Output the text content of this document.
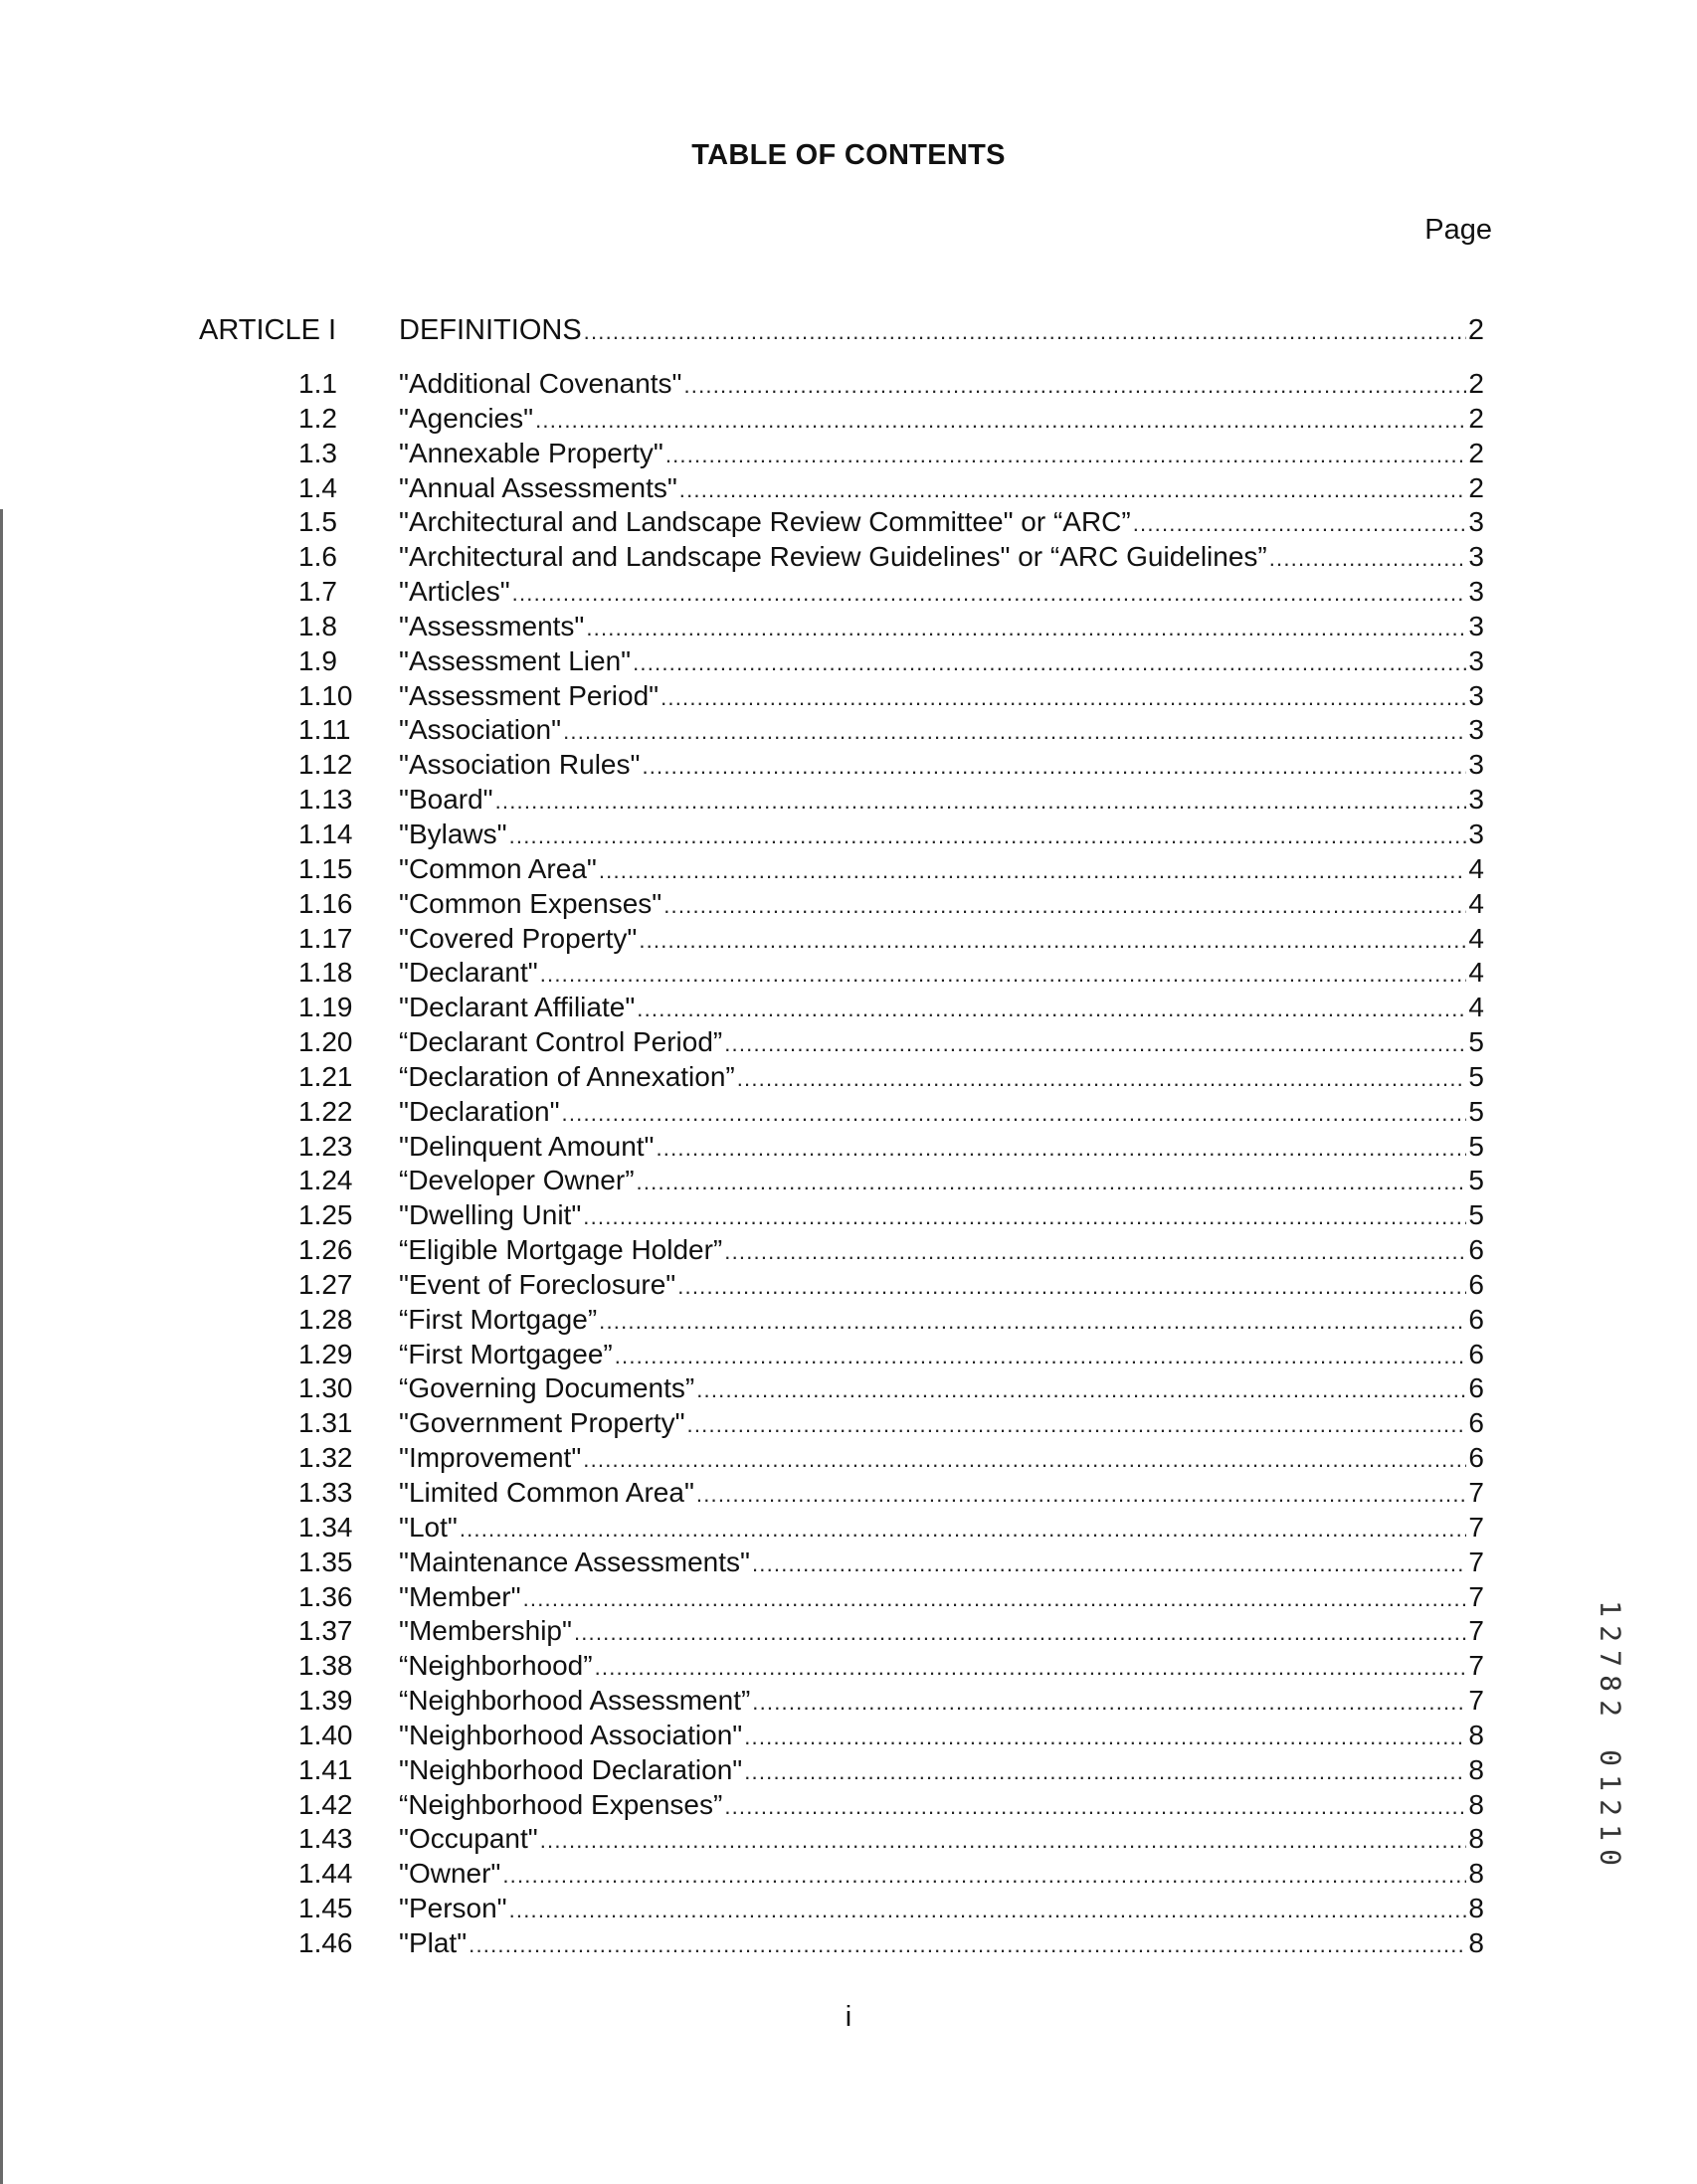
TABLE OF CONTENTS
Page
ARTICLE I DEFINITIONS .....	2
1.1	"Additional Covenants" .....	2
1.2	"Agencies" .....	2
1.3	"Annexable Property" .....	2
1.4	"Annual Assessments" .....	2
1.5	"Architectural and Landscape Review Committee" or “ARC” .....	3
1.6	"Architectural and Landscape Review Guidelines" or “ARC Guidelines” .....	3
1.7	"Articles" .....	3
1.8	"Assessments" .....	3
1.9	"Assessment Lien" .....	3
1.10	"Assessment Period" .....	3
1.11	"Association" .....	3
1.12	"Association Rules" .....	3
1.13	"Board" .....	3
1.14	"Bylaws" .....	3
1.15	"Common Area" .....	4
1.16	"Common Expenses" .....	4
1.17	"Covered Property" .....	4
1.18	"Declarant" .....	4
1.19	"Declarant Affiliate" .....	4
1.20	“Declarant Control Period” .....	5
1.21	“Declaration of Annexation” .....	5
1.22	"Declaration" .....	5
1.23	"Delinquent Amount" .....	5
1.24	“Developer Owner” .....	5
1.25	"Dwelling Unit" .....	5
1.26	“Eligible Mortgage Holder” .....	6
1.27	"Event of Foreclosure" .....	6
1.28	“First Mortgage” .....	6
1.29	“First Mortgagee” .....	6
1.30	“Governing Documents” .....	6
1.31	"Government Property" .....	6
1.32	"Improvement" .....	6
1.33	"Limited Common Area" .....	7
1.34	"Lot" .....	7
1.35	"Maintenance Assessments" .....	7
1.36	"Member" .....	7
1.37	"Membership" .....	7
1.38	“Neighborhood” .....	7
1.39	“Neighborhood Assessment” .....	7
1.40	"Neighborhood Association" .....	8
1.41	"Neighborhood Declaration" .....	8
1.42	“Neighborhood Expenses” .....	8
1.43	"Occupant" .....	8
1.44	"Owner" .....	8
1.45	"Person" .....	8
1.46	"Plat" .....	8
1
2
7
8
2
0
1
2
1
0
i
